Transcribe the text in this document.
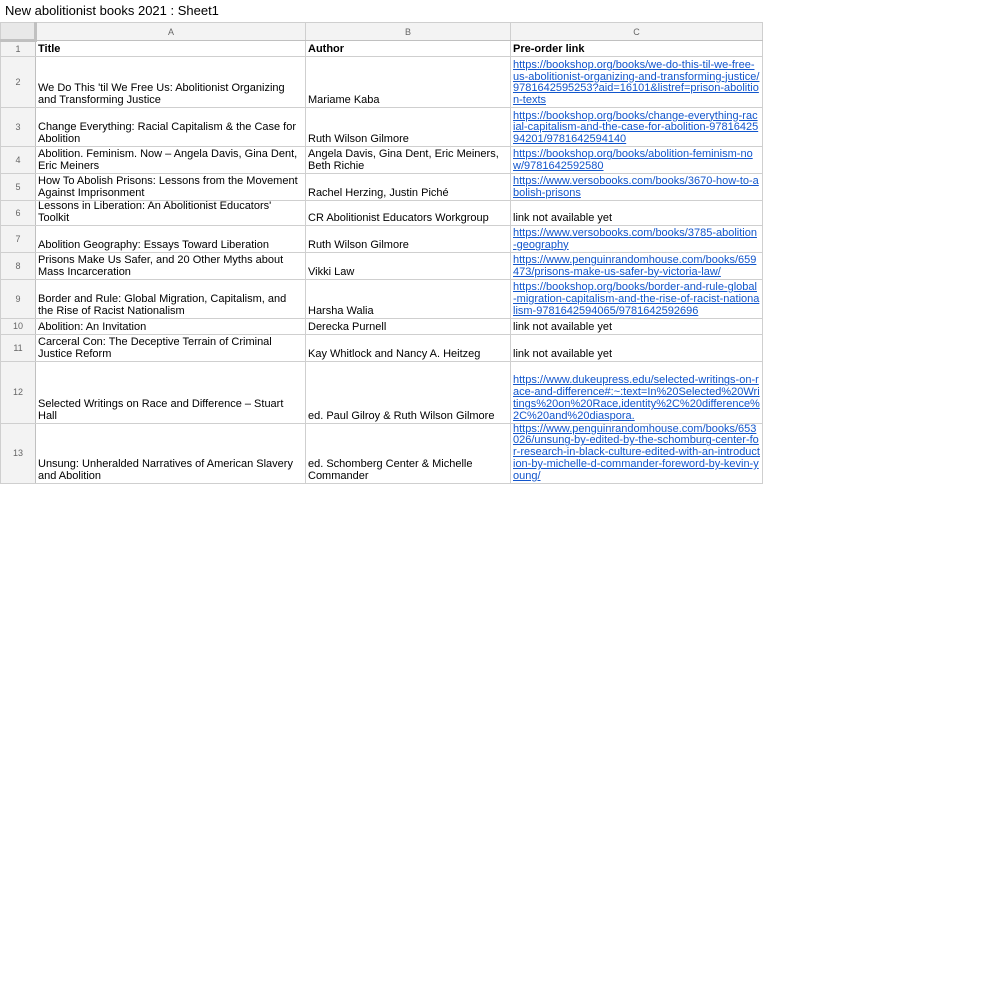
New abolitionist books 2021 : Sheet1
	A	B	C
1	Title	Author	Pre-order link
2	We Do This 'til We Free Us: Abolitionist Organizing and Transforming Justice	Mariame Kaba	https://bookshop.org/books/we-do-this-til-we-free-us-abolitionist-organizing-and-transforming-justice/9781642595253?aid=16101&listref=prison-abolition-texts
3	Change Everything: Racial Capitalism & the Case for Abolition	Ruth Wilson Gilmore	https://bookshop.org/books/change-everything-racial-capitalism-and-the-case-for-abolition-9781642594201/9781642594140
4	Abolition. Feminism. Now – Angela Davis, Gina Dent, Eric Meiners	Angela Davis, Gina Dent, Eric Meiners, Beth Richie	https://bookshop.org/books/abolition-feminism-now/9781642592580
5	How To Abolish Prisons: Lessons from the Movement Against Imprisonment	Rachel Herzing, Justin Piché	https://www.versobooks.com/books/3670-how-to-abolish-prisons
6	Lessons in Liberation: An Abolitionist Educators' Toolkit	CR Abolitionist Educators Workgroup	link not available yet
7	Abolition Geography: Essays Toward Liberation	Ruth Wilson Gilmore	https://www.versobooks.com/books/3785-abolition-geography
8	Prisons Make Us Safer, and 20 Other Myths about Mass Incarceration	Vikki Law	https://www.penguinrandomhouse.com/books/659473/prisons-make-us-safer-by-victoria-law/
9	Border and Rule: Global Migration, Capitalism, and the Rise of Racist Nationalism	Harsha Walia	https://bookshop.org/books/border-and-rule-global-migration-capitalism-and-the-rise-of-racist-nationalism-9781642594065/9781642592696
10	Abolition: An Invitation	Derecka Purnell	link not available yet
11	Carceral Con: The Deceptive Terrain of Criminal Justice Reform	Kay Whitlock and Nancy A. Heitzeg	link not available yet
12	Selected Writings on Race and Difference – Stuart Hall	ed. Paul Gilroy & Ruth Wilson Gilmore	https://www.dukeupress.edu/selected-writings-on-race-and-difference#:~:text=In%20Selected%20Writings%20on%20Race,identity%2C%20difference%2C%20and%20diaspora.
13	Unsung: Unheralded Narratives of American Slavery and Abolition	ed. Schomberg Center & Michelle Commander	https://www.penguinrandomhouse.com/books/653026/unsung-by-edited-by-the-schomburg-center-for-research-in-black-culture-edited-with-an-introduction-by-michelle-d-commander-foreword-by-kevin-young/
